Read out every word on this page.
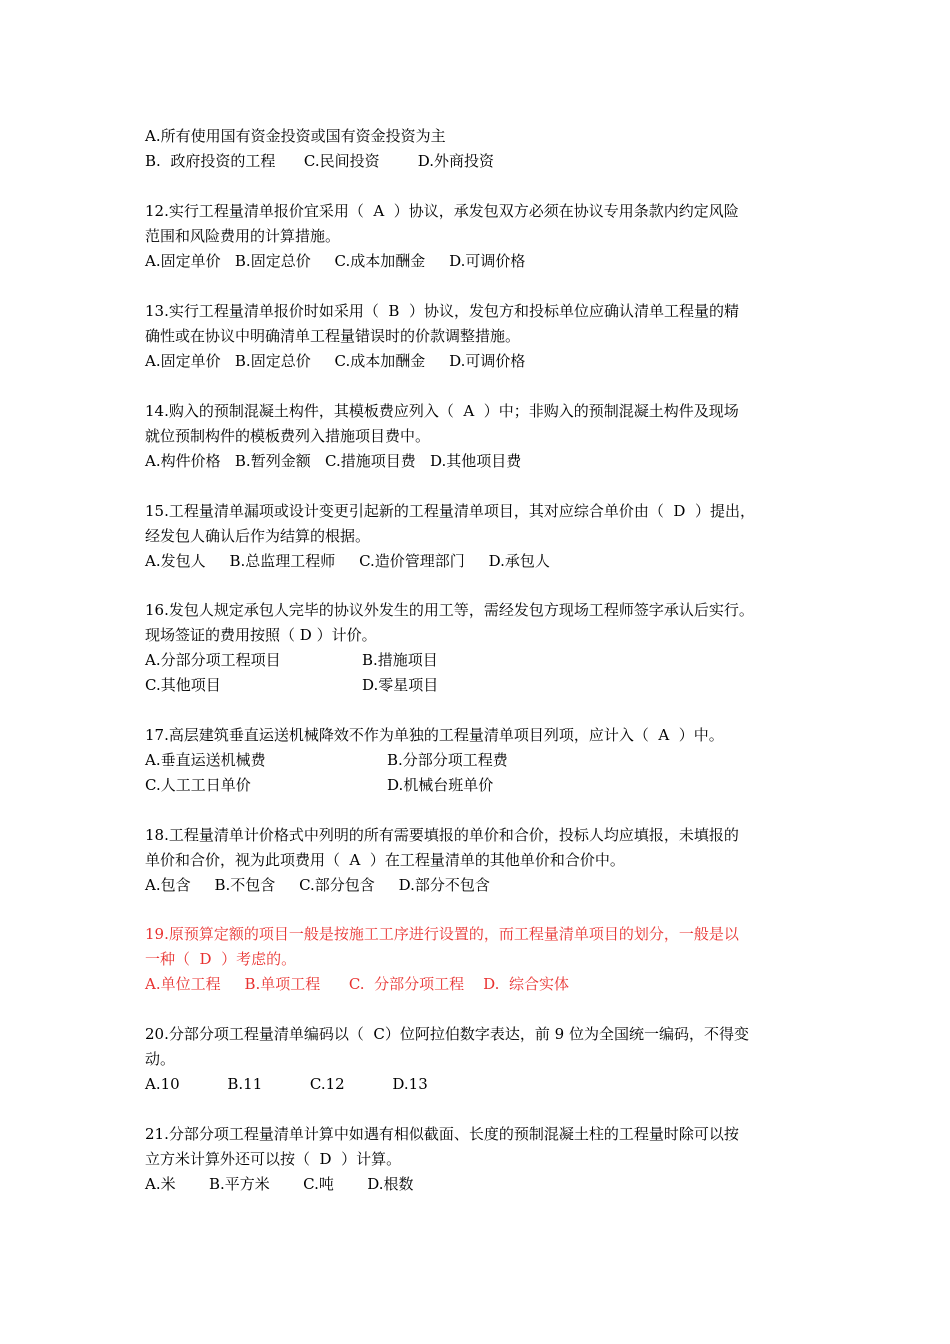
A.所有使用国有资金投资或国有资金投资为主
B.  政府投资的工程      C.民间投资        D.外商投资
12.实行工程量清单报价宜采用（  A  ）协议，承发包双方必须在协议专用条款内约定风险
范围和风险费用的计算措施。
A.固定单价   B.固定总价     C.成本加酬金     D.可调价格
13.实行工程量清单报价时如采用（  B  ）协议，发包方和投标单位应确认清单工程量的精
确性或在协议中明确清单工程量错误时的价款调整措施。
A.固定单价   B.固定总价     C.成本加酬金     D.可调价格
14.购入的预制混凝土构件，其模板费应列入（  A  ）中；非购入的预制混凝土构件及现场
就位预制构件的模板费列入措施项目费中。
A.构件价格   B.暂列金额   C.措施项目费   D.其他项目费
15.工程量清单漏项或设计变更引起新的工程量清单项目，其对应综合单价由（  D  ）提出，
经发包人确认后作为结算的根据。
A.发包人     B.总监理工程师     C.造价管理部门     D.承包人
16.发包人规定承包人完毕的协议外发生的用工等，需经发包方现场工程师签字承认后实行。
现场签证的费用按照（ D ）计价。
A.分部分项工程项目	B.措施项目
C.其他项目	D.零星项目
17.高层建筑垂直运送机械降效不作为单独的工程量清单项目列项，应计入（  A  ）中。
A.垂直运送机械费	B.分部分项工程费
C.人工工日单价	D.机械台班单价
18.工程量清单计价格式中列明的所有需要填报的单价和合价，投标人均应填报，未填报的
单价和合价，视为此项费用（  A  ）在工程量清单的其他单价和合价中。
A.包含     B.不包含     C.部分包含     D.部分不包含
19.原预算定额的项目一般是按施工工序进行设置的，而工程量清单项目的划分，一般是以
一种（  D  ）考虑的。
A.单位工程     B.单项工程      C.  分部分项工程    D.  综合实体
20.分部分项工程量清单编码以（  C）位阿拉伯数字表达，前 9 位为全国统一编码，不得变
动。
A.10          B.11          C.12          D.13
21.分部分项工程量清单计算中如遇有相似截面、长度的预制混凝土柱的工程量时除可以按
立方米计算外还可以按（  D  ）计算。
A.米       B.平方米       C.吨       D.根数
